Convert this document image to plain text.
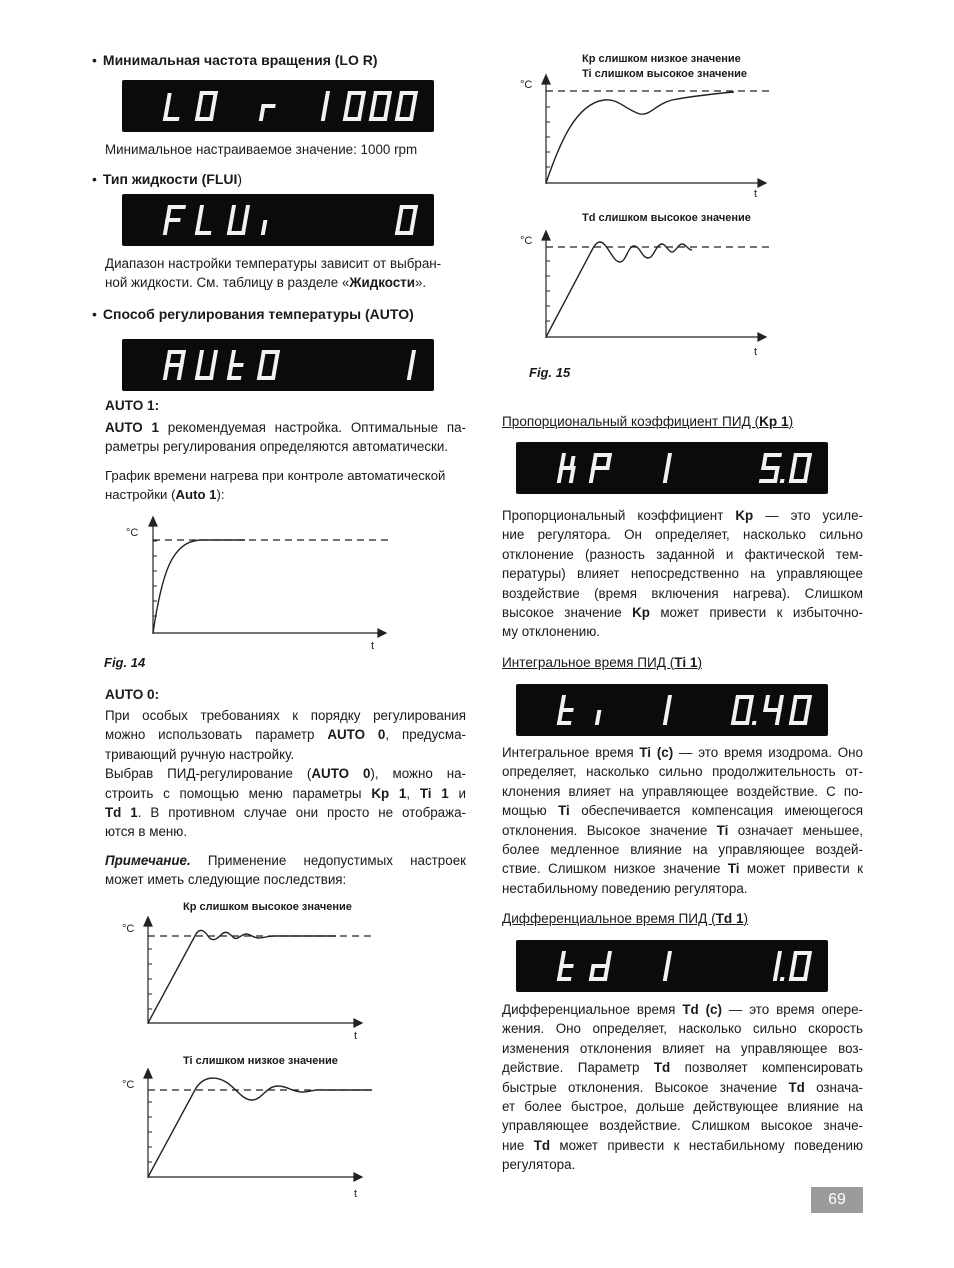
• Минимальная частота вращения (LO R)
Минимальное настраиваемое значение: 1000 rpm
• Тип жидкости (FLUI)
Диапазон настройки температуры зависит от выбран-
ной жидкости. См. таблицу в разделе «Жидкости».
• Способ регулирования температуры (AUTO)
AUTO 1:
AUTO 1 рекомендуемая настройка. Оптимальные па-
раметры регулирования определяются автоматически.
График времени нагрева при контроле автоматической
настройки (Auto 1):
°C
t
Fig. 14
AUTO 0:
При особых требованиях к порядку регулирования
можно использовать параметр AUTO 0, предусма-
тривающий ручную настройку.
Выбрав ПИД-регулирование (AUTO 0), можно на-
строить с помощью меню параметры Kp 1, Ti 1 и
Td 1. В противном случае они просто не отобража-
ются в меню.
Примечание. Применение недопустимых настроек
может иметь следующие последствия:
Кр слишком высокое значение
°C
t
Ti слишком низкое значение
°C
t
Кр слишком низкое значение
Ti слишком высокое значение
°C
t
Td слишком высокое значение
°C
t
Fig. 15
Пропорциональный коэффициент ПИД (Kp 1)
Пропорциональный коэффициент Kp — это усиле-
ние регулятора. Он определяет, насколько сильно
отклонение (разность заданной и фактической тем-
пературы) влияет непосредственно на управляющее
воздействие (время включения нагрева). Слишком
высокое значение Kp может привести к избыточно-
му отклонению.
Интегральное время ПИД (Ti 1)
Интегральное время Ti (c) — это время изодрома. Оно
определяет, насколько сильно продолжительность от-
клонения влияет на управляющее воздействие. С по-
мощью Ti обеспечивается компенсация имеющегося
отклонения. Высокое значение Ti означает меньшее,
более медленное влияние на управляющее воздей-
ствие. Слишком низкое значение Ti может привести к
нестабильному поведению регулятора.
Дифференциальное время ПИД (Td 1)
Дифференциальное время Td (c) — это время опере-
жения. Оно определяет, насколько сильно скорость
изменения отклонения влияет на управляющее воз-
действие. Параметр Td позволяет компенсировать
быстрые отклонения. Высокое значение Td означа-
ет более быстрое, дольше действующее влияние на
управляющее воздействие. Слишком высокое значе-
ние Td может привести к нестабильному поведению
регулятора.
69
